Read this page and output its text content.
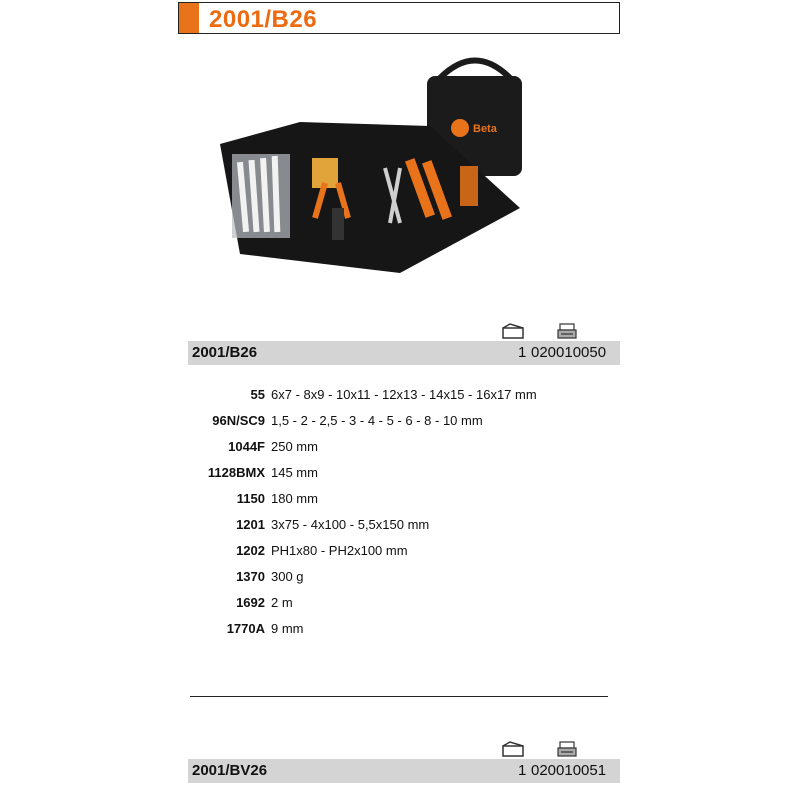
2001/B26
Beta
2001/B26	1 020010050
55 6x7 - 8x9 - 10x11 - 12x13 - 14x15 - 16x17 mm
96N/SC9 1,5 - 2 - 2,5 - 3 - 4 - 5 - 6 - 8 - 10 mm
1044F 250 mm
1128BMX 145 mm
1150 180 mm
1201 3x75 - 4x100 - 5,5x150 mm
1202 PH1x80 - PH2x100 mm
1370 300 g
1692 2 m
1770A 9 mm
2001/BV26	1 020010051
